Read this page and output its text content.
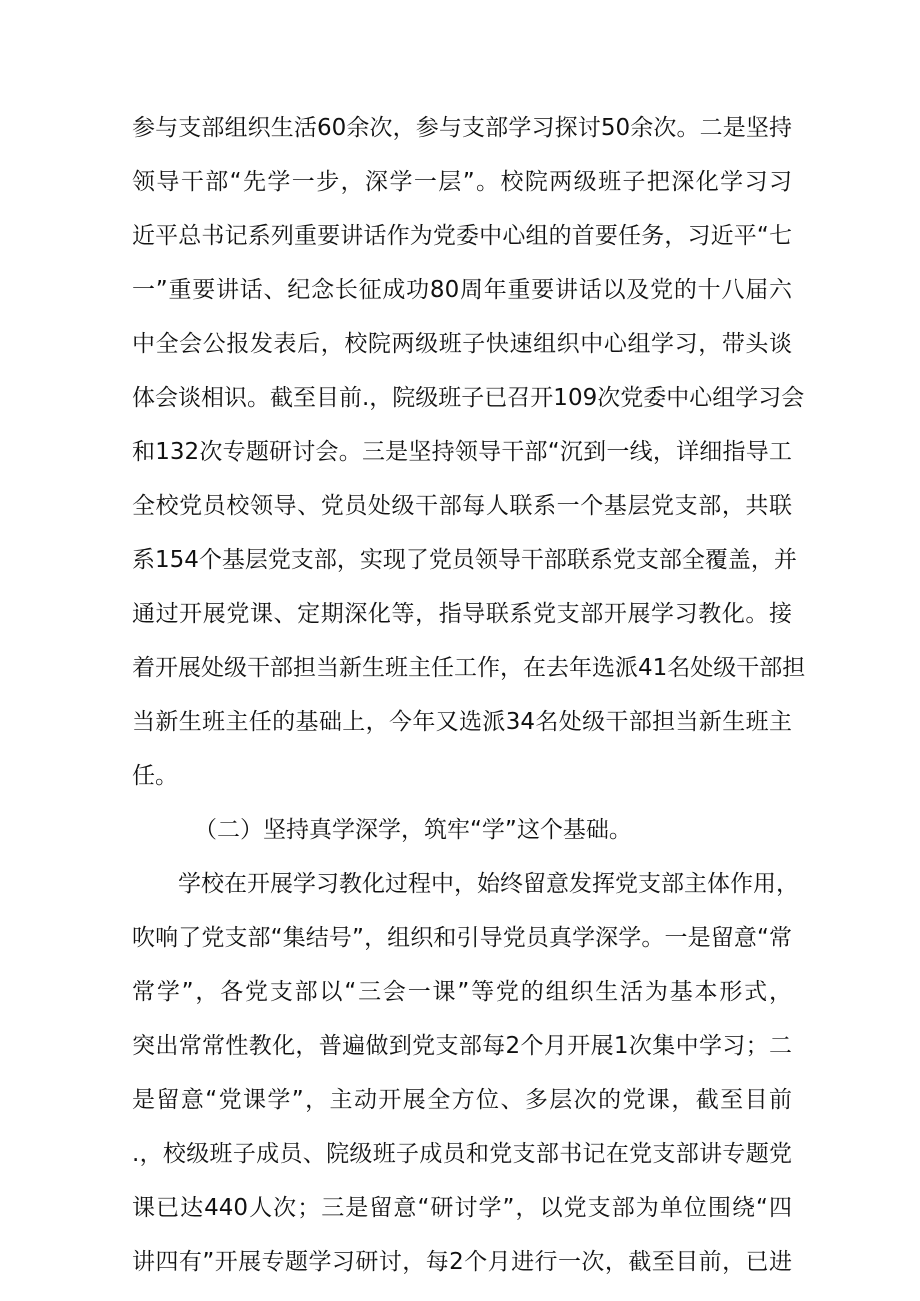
参与支部组织生活60余次，参与支部学习探讨50余次。二是坚持
领导干部“先学一步，深学一层”。校院两级班子把深化学习习
近平总书记系列重要讲话作为党委中心组的首要任务，习近平“七
一”重要讲话、纪念长征成功80周年重要讲话以及党的十八届六
中全会公报发表后，校院两级班子快速组织中心组学习，带头谈
体会谈相识。截至目前.，院级班子已召开109次党委中心组学习会
和132次专题研讨会。三是坚持领导干部“沉到一线，详细指导工
全校党员校领导、党员处级干部每人联系一个基层党支部，共联
系154个基层党支部，实现了党员领导干部联系党支部全覆盖，并
通过开展党课、定期深化等，指导联系党支部开展学习教化。接
着开展处级干部担当新生班主任工作，在去年选派41名处级干部担
当新生班主任的基础上，今年又选派34名处级干部担当新生班主
任。
（二）坚持真学深学，筑牢“学”这个基础。
学校在开展学习教化过程中，始终留意发挥党支部主体作用，
吹响了党支部“集结号”，组织和引导党员真学深学。一是留意“常
常学”，各党支部以“三会一课”等党的组织生活为基本形式，
突出常常性教化，普遍做到党支部每2个月开展1次集中学习；二
是留意“党课学”，主动开展全方位、多层次的党课，截至目前
.，校级班子成员、院级班子成员和党支部书记在党支部讲专题党
课已达440人次；三是留意“研讨学”，以党支部为单位围绕“四
讲四有”开展专题学习研讨，每2个月进行一次，截至目前，已进
